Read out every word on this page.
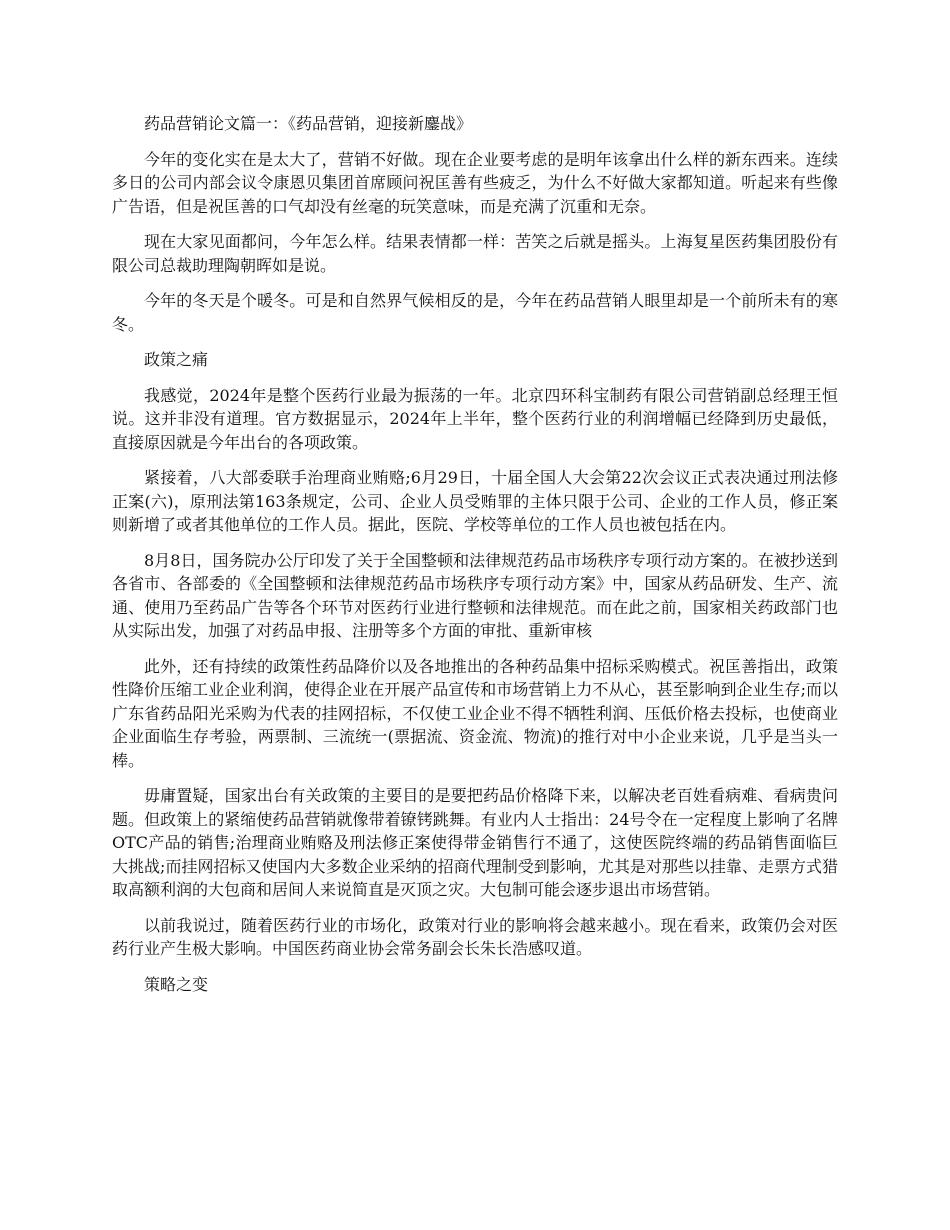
药品营销论文篇一：《药品营销，迎接新鏖战》

今年的变化实在是太大了，营销不好做。现在企业要考虑的是明年该拿出什么样的新东西来。连续多日的公司内部会议令康恩贝集团首席顾问祝匡善有些疲乏，为什么不好做大家都知道。听起来有些像广告语，但是祝匡善的口气却没有丝毫的玩笑意味，而是充满了沉重和无奈。

现在大家见面都问，今年怎么样。结果表情都一样：苦笑之后就是摇头。上海复星医药集团股份有限公司总裁助理陶朝晖如是说。

今年的冬天是个暖冬。可是和自然界气候相反的是，今年在药品营销人眼里却是一个前所未有的寒冬。

政策之痛

我感觉，2024年是整个医药行业最为振荡的一年。北京四环科宝制药有限公司营销副总经理王恒说。这并非没有道理。官方数据显示，2024年上半年，整个医药行业的利润增幅已经降到历史最低，直接原因就是今年出台的各项政策。

紧接着，八大部委联手治理商业贿赂;6月29日，十届全国人大会第22次会议正式表决通过刑法修正案(六)，原刑法第163条规定，公司、企业人员受贿罪的主体只限于公司、企业的工作人员，修正案则新增了或者其他单位的工作人员。据此，医院、学校等单位的工作人员也被包括在内。

8月8日，国务院办公厅印发了关于全国整顿和法律规范药品市场秩序专项行动方案的。在被抄送到各省市、各部委的《全国整顿和法律规范药品市场秩序专项行动方案》中，国家从药品研发、生产、流通、使用乃至药品广告等各个环节对医药行业进行整顿和法律规范。而在此之前，国家相关药政部门也从实际出发，加强了对药品申报、注册等多个方面的审批、重新审核

此外，还有持续的政策性药品降价以及各地推出的各种药品集中招标采购模式。祝匡善指出，政策性降价压缩工业企业利润，使得企业在开展产品宣传和市场营销上力不从心，甚至影响到企业生存;而以广东省药品阳光采购为代表的挂网招标，不仅使工业企业不得不牺牲利润、压低价格去投标，也使商业企业面临生存考验，两票制、三流统一(票据流、资金流、物流)的推行对中小企业来说，几乎是当头一棒。

毋庸置疑，国家出台有关政策的主要目的是要把药品价格降下来，以解决老百姓看病难、看病贵问题。但政策上的紧缩使药品营销就像带着镣铐跳舞。有业内人士指出：24号令在一定程度上影响了名牌OTC产品的销售;治理商业贿赂及刑法修正案使得带金销售行不通了，这使医院终端的药品销售面临巨大挑战;而挂网招标又使国内大多数企业采纳的招商代理制受到影响，尤其是对那些以挂靠、走票方式猎取高额利润的大包商和居间人来说简直是灭顶之灾。大包制可能会逐步退出市场营销。

以前我说过，随着医药行业的市场化，政策对行业的影响将会越来越小。现在看来，政策仍会对医药行业产生极大影响。中国医药商业协会常务副会长朱长浩感叹道。

策略之变
